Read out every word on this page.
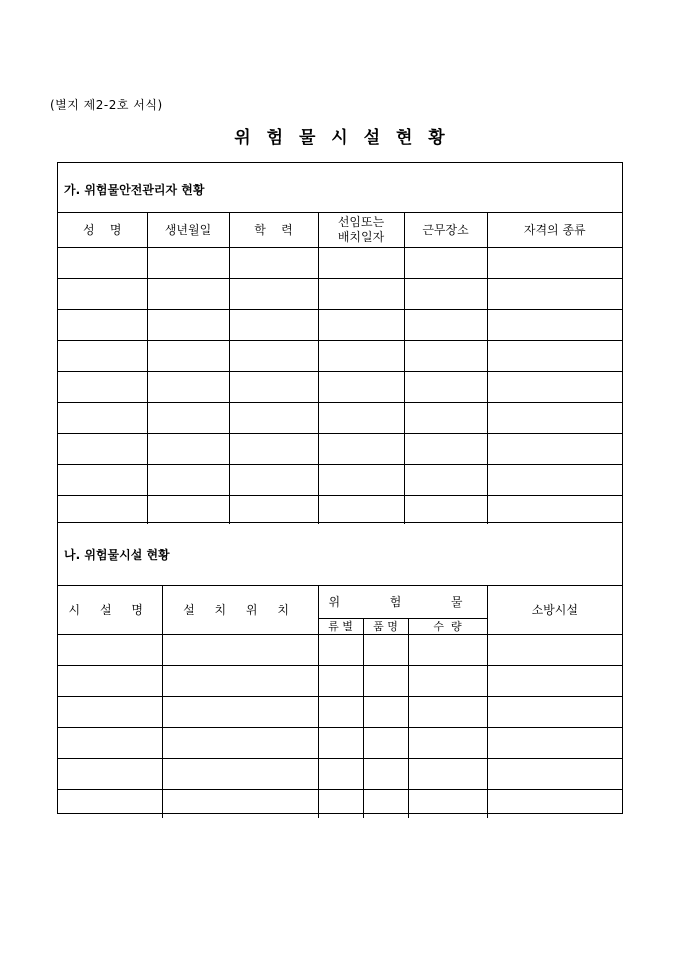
(별지 제2-2호 서식)
위 험 물 시 설 현 황
가. 위험물안전관리자 현황
성    명	생년월일	학    력	선임또는
배치일자	근무장소	자격의 종류

나. 위험물시설 현황
시 설 명	설 치 위 치	위  험  물			소방시설
		류 별	품 명	수  량	
